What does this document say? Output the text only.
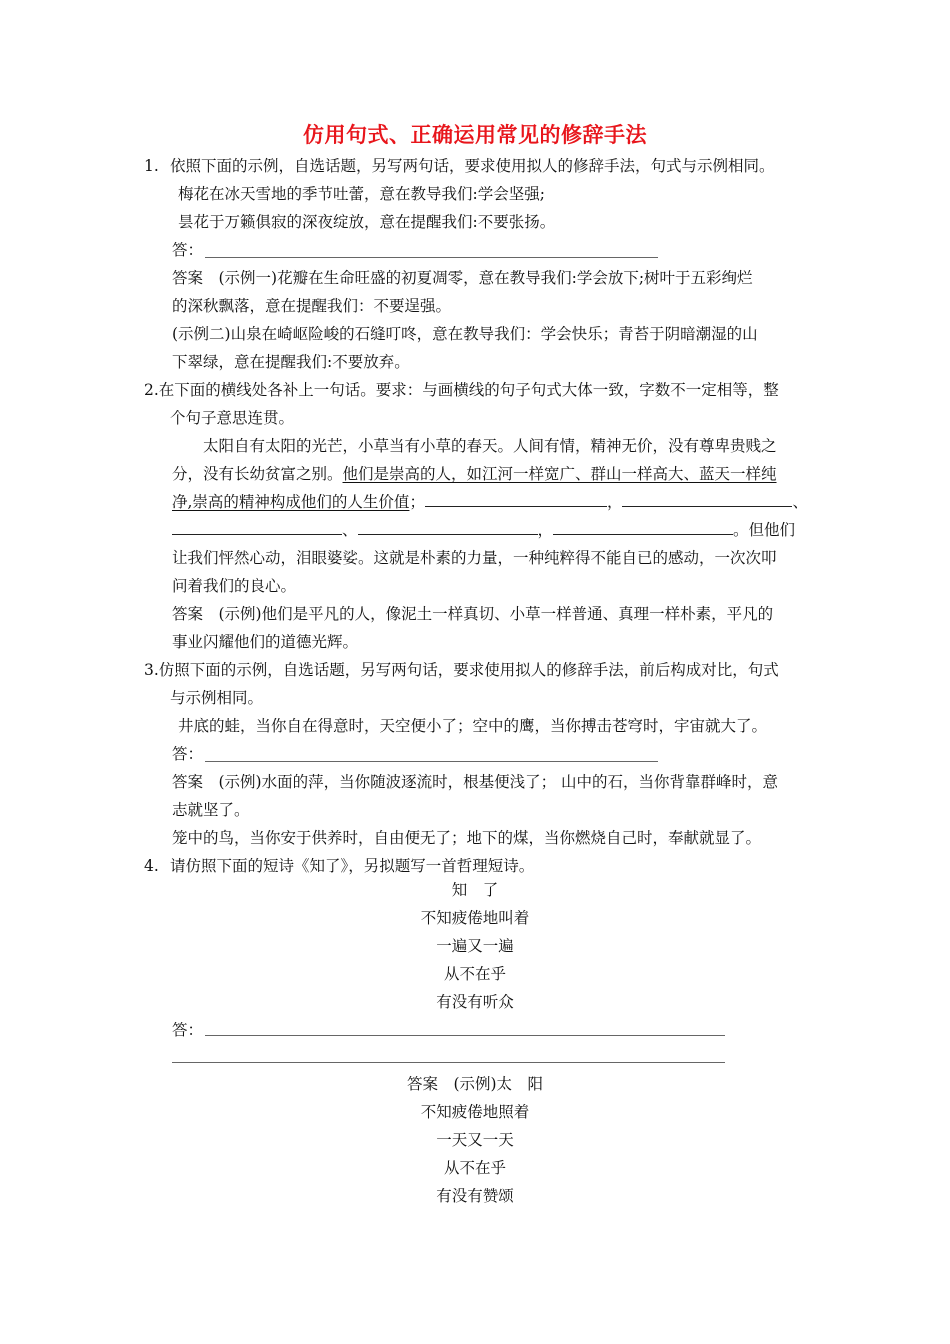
仿用句式、正确运用常见的修辞手法
1. 依照下面的示例，自选话题，另写两句话，要求使用拟人的修辞手法，句式与示例相同。
梅花在冰天雪地的季节吐蕾，意在教导我们:学会坚强;
昙花于万籁俱寂的深夜绽放，意在提醒我们:不要张扬。
答：
答案　(示例一)花瓣在生命旺盛的初夏凋零，意在教导我们:学会放下;树叶于五彩绚烂
的深秋飘落，意在提醒我们：不要逞强。
(示例二)山泉在崎岖险峻的石缝叮咚，意在教导我们：学会快乐；青苔于阴暗潮湿的山
下翠绿，意在提醒我们:不要放弃。
2.在下面的横线处各补上一句话。要求：与画横线的句子句式大体一致，字数不一定相等，整
个句子意思连贯。
太阳自有太阳的光芒，小草当有小草的春天。人间有情，精神无价，没有尊卑贵贱之
分，没有长幼贫富之别。他们是崇高的人，如江河一样宽广、群山一样高大、蓝天一样纯
净,崇高的精神构成他们的人生价值；	，	、
、	，	。但他们
让我们怦然心动，泪眼婆娑。这就是朴素的力量，一种纯粹得不能自已的感动，一次次叩
问着我们的良心。
答案　(示例)他们是平凡的人，像泥土一样真切、小草一样普通、真理一样朴素，平凡的
事业闪耀他们的道德光辉。
3.仿照下面的示例，自选话题，另写两句话，要求使用拟人的修辞手法，前后构成对比，句式
与示例相同。
井底的蛙，当你自在得意时，天空便小了；空中的鹰，当你搏击苍穹时，宇宙就大了。
答：
答案　(示例)水面的萍，当你随波逐流时，根基便浅了； 山中的石，当你背靠群峰时，意
志就坚了。
笼中的鸟，当你安于供养时，自由便无了；地下的煤，当你燃烧自己时，奉献就显了。
4. 请仿照下面的短诗《知了》，另拟题写一首哲理短诗。
知　了
不知疲倦地叫着
一遍又一遍
从不在乎
有没有听众
答：
答案　(示例)太　阳
不知疲倦地照着
一天又一天
从不在乎
有没有赞颂
